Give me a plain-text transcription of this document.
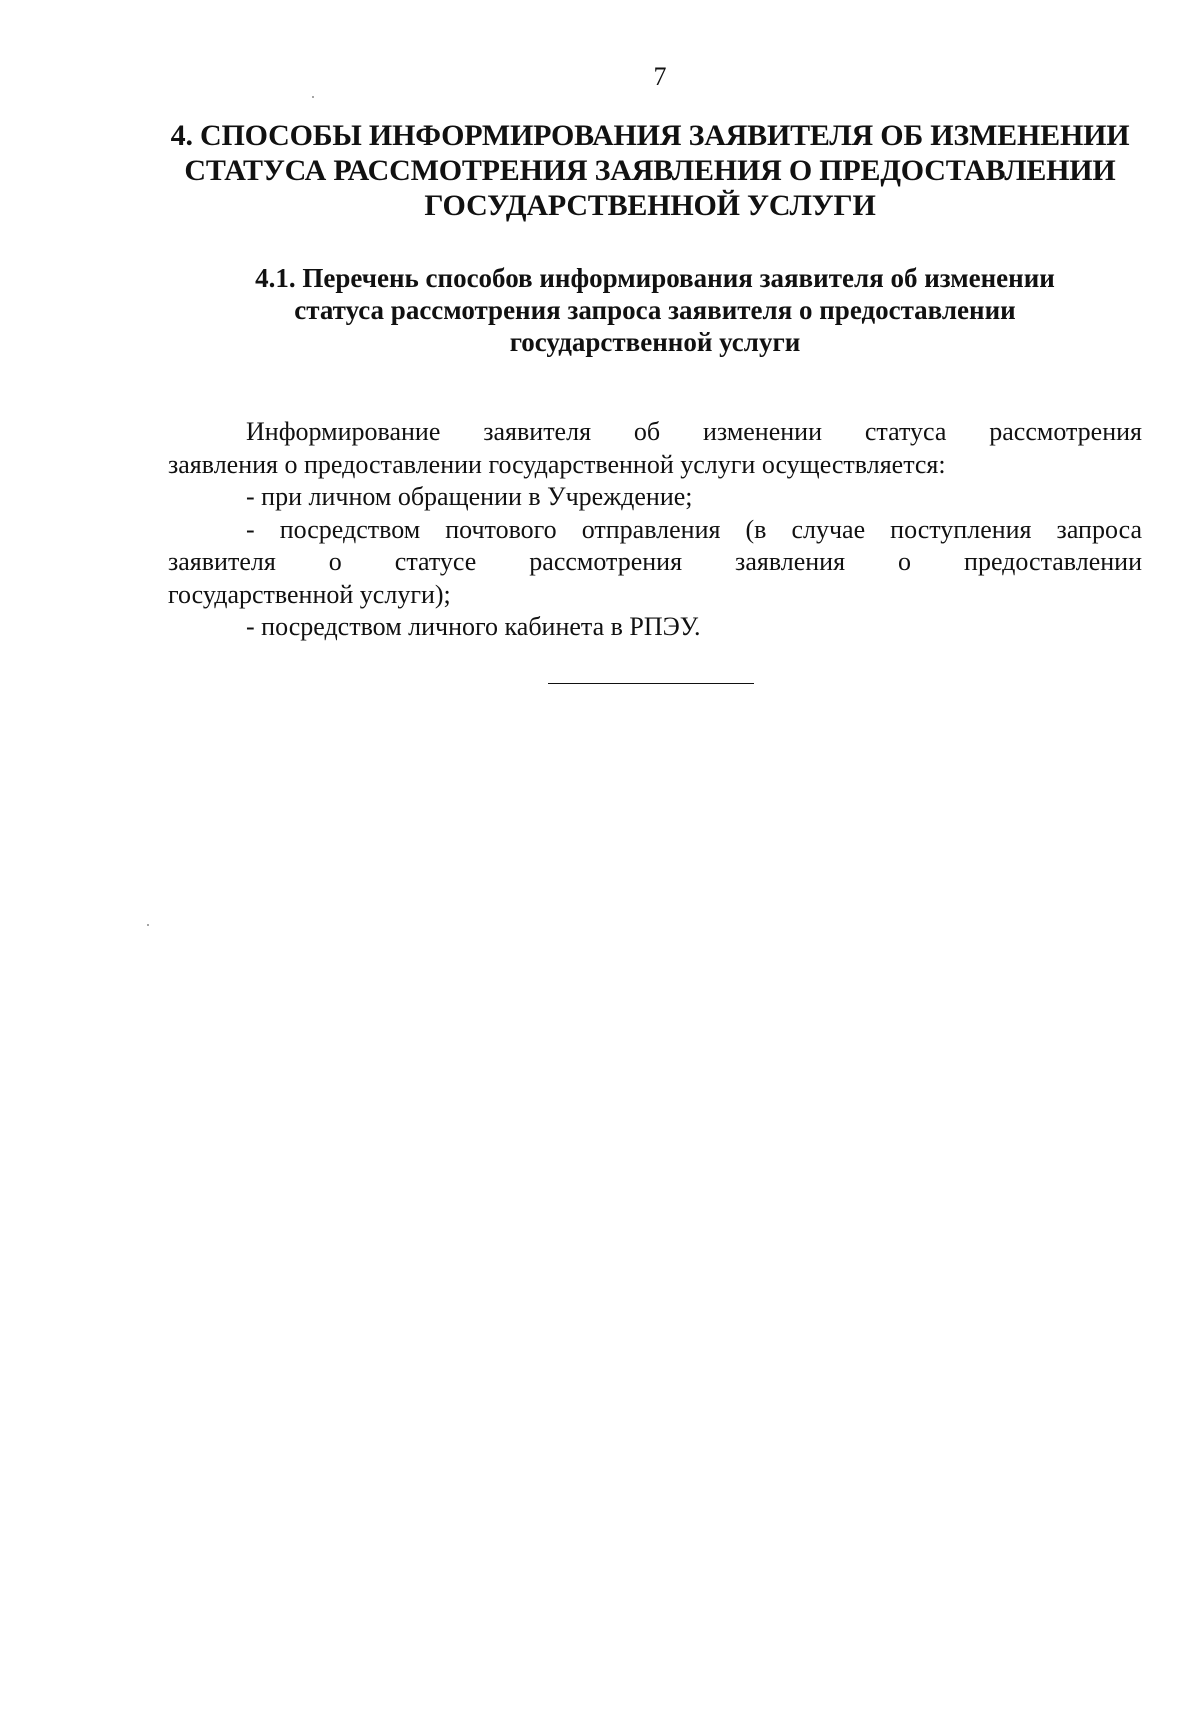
7
4. СПОСОБЫ ИНФОРМИРОВАНИЯ ЗАЯВИТЕЛЯ ОБ ИЗМЕНЕНИИ
СТАТУСА РАССМОТРЕНИЯ ЗАЯВЛЕНИЯ О ПРЕДОСТАВЛЕНИИ
ГОСУДАРСТВЕННОЙ УСЛУГИ
4.1. Перечень способов информирования заявителя об изменении
статуса рассмотрения запроса заявителя о предоставлении
государственной услуги

Информирование заявителя об изменении статуса рассмотрения
заявления о предоставлении государственной услуги осуществляется:

- при личном обращении в Учреждение;

- посредством почтового отправления (в случае поступления запроса
заявителя о статусе рассмотрения заявления о предоставлении
государственной услуги);

- посредством личного кабинета в РПЭУ.
